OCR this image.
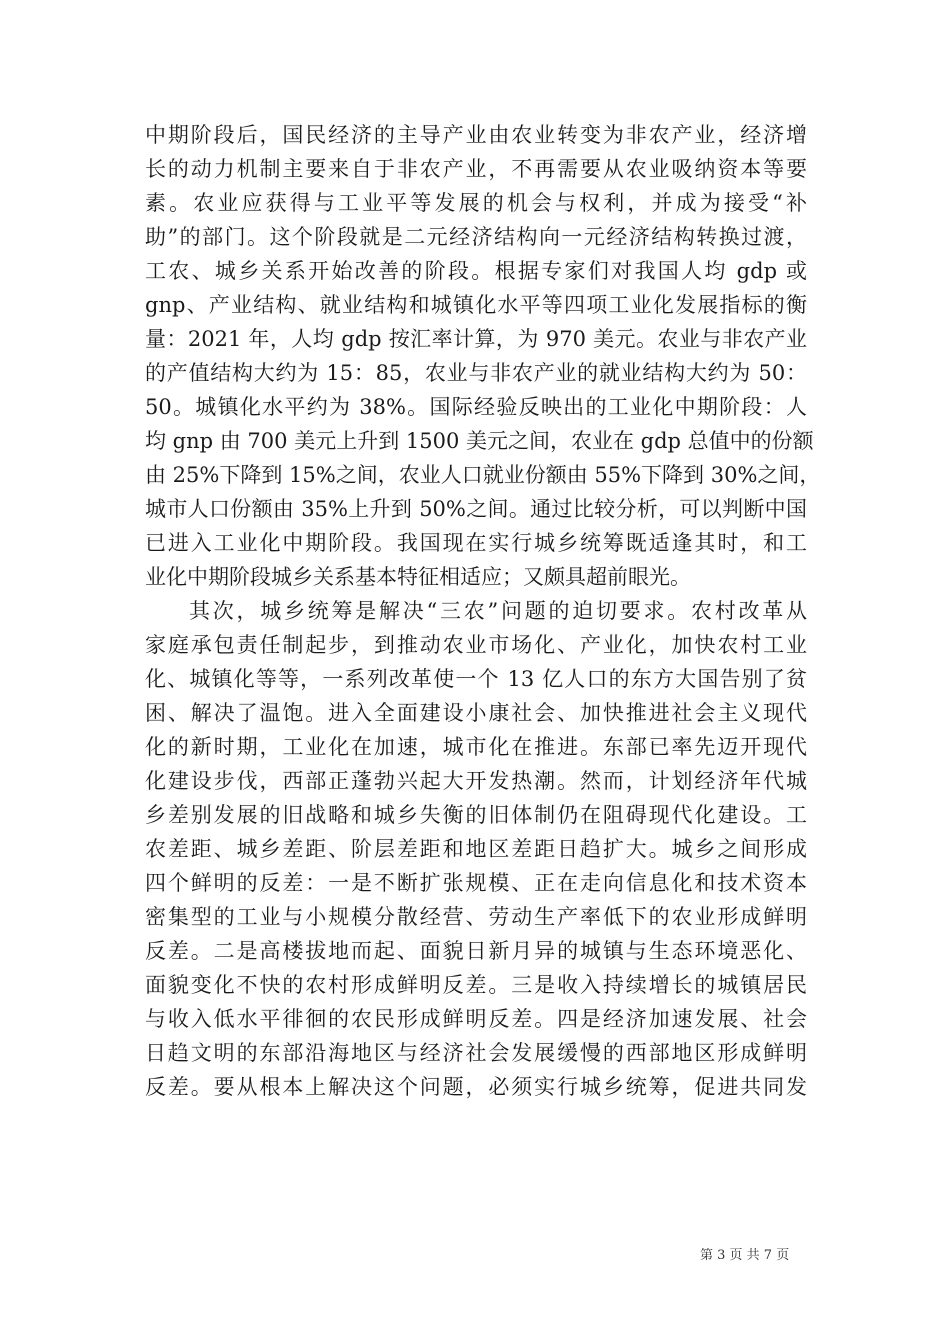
中期阶段后，国民经济的主导产业由农业转变为非农产业，经济增
长的动力机制主要来自于非农产业，不再需要从农业吸纳资本等要
素。农业应获得与工业平等发展的机会与权利，并成为接受“补
助”的部门。这个阶段就是二元经济结构向一元经济结构转换过渡，
工农、城乡关系开始改善的阶段。根据专家们对我国人均 gdp 或
gnp、产业结构、就业结构和城镇化水平等四项工业化发展指标的衡
量：2021 年，人均 gdp 按汇率计算，为 970 美元。农业与非农产业
的产值结构大约为 15：85，农业与非农产业的就业结构大约为 50：
50。城镇化水平约为 38%。国际经验反映出的工业化中期阶段：人
均 gnp 由 700 美元上升到 1500 美元之间，农业在 gdp 总值中的份额
由 25%下降到 15%之间，农业人口就业份额由 55%下降到 30%之间，
城市人口份额由 35%上升到 50%之间。通过比较分析，可以判断中国
已进入工业化中期阶段。我国现在实行城乡统筹既适逢其时，和工
业化中期阶段城乡关系基本特征相适应；又颇具超前眼光。
其次，城乡统筹是解决“三农”问题的迫切要求。农村改革从
家庭承包责任制起步，到推动农业市场化、产业化，加快农村工业
化、城镇化等等，一系列改革使一个 13 亿人口的东方大国告别了贫
困、解决了温饱。进入全面建设小康社会、加快推进社会主义现代
化的新时期，工业化在加速，城市化在推进。东部已率先迈开现代
化建设步伐，西部正蓬勃兴起大开发热潮。然而，计划经济年代城
乡差别发展的旧战略和城乡失衡的旧体制仍在阻碍现代化建设。工
农差距、城乡差距、阶层差距和地区差距日趋扩大。城乡之间形成
四个鲜明的反差：一是不断扩张规模、正在走向信息化和技术资本
密集型的工业与小规模分散经营、劳动生产率低下的农业形成鲜明
反差。二是高楼拔地而起、面貌日新月异的城镇与生态环境恶化、
面貌变化不快的农村形成鲜明反差。三是收入持续增长的城镇居民
与收入低水平徘徊的农民形成鲜明反差。四是经济加速发展、社会
日趋文明的东部沿海地区与经济社会发展缓慢的西部地区形成鲜明
反差。要从根本上解决这个问题，必须实行城乡统筹，促进共同发
第 3 页 共 7 页
